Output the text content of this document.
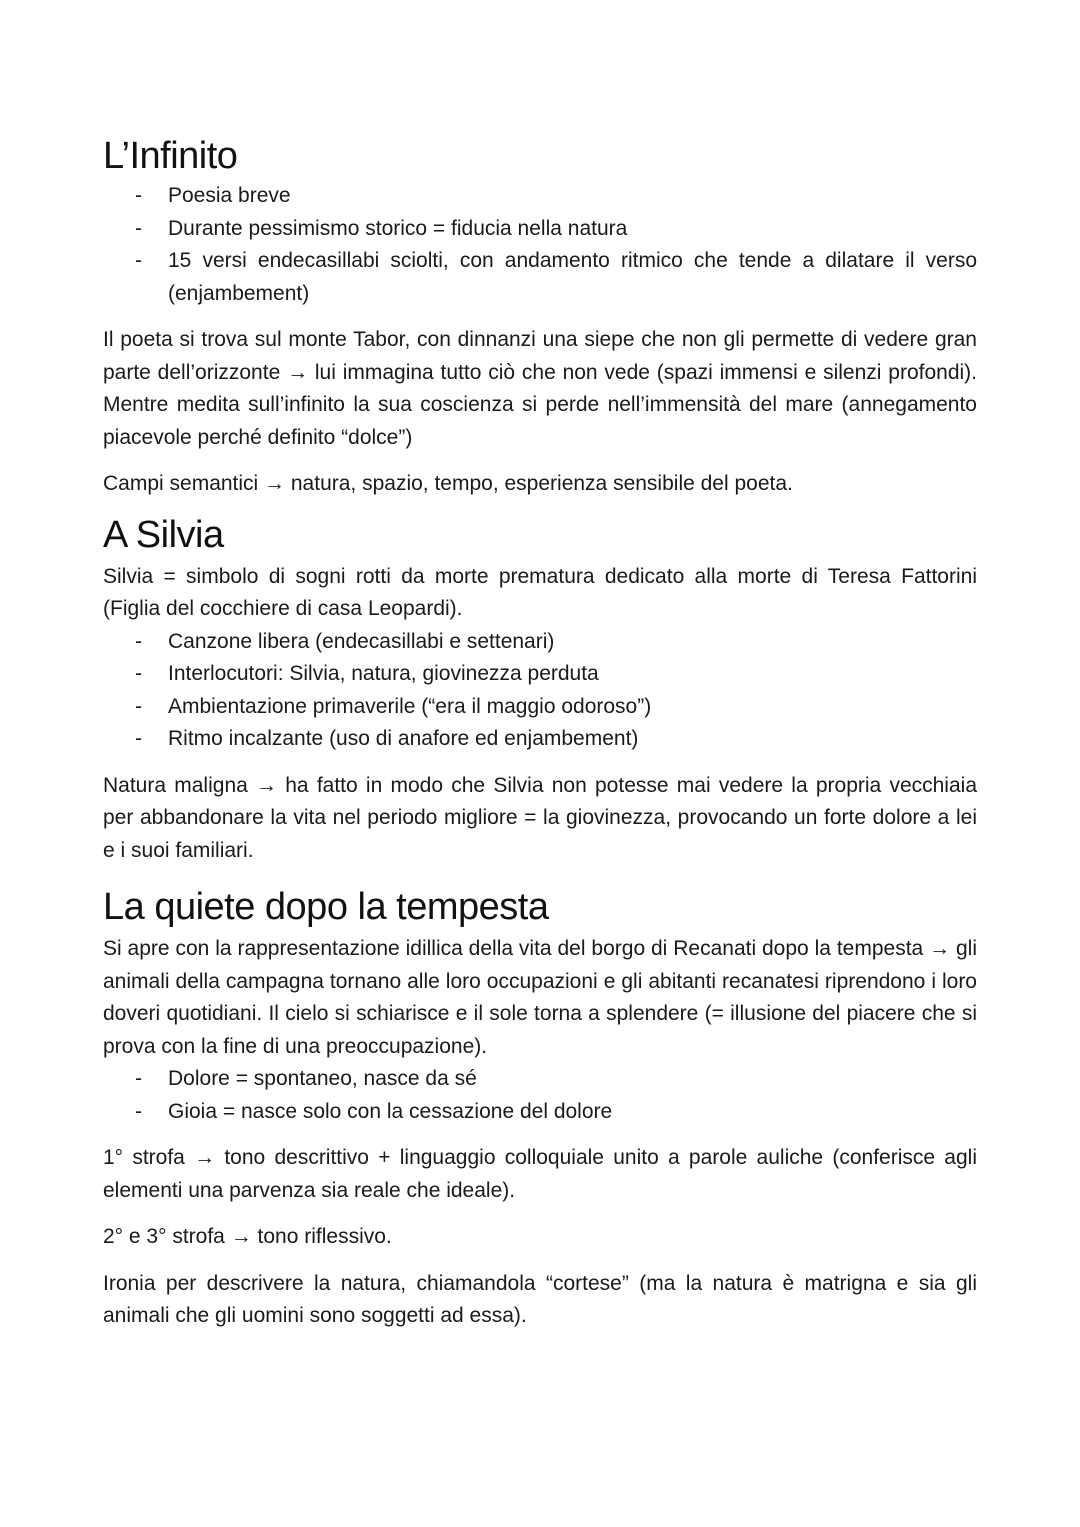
L’Infinito
- Poesia breve
- Durante pessimismo storico = fiducia nella natura
- 15 versi endecasillabi sciolti, con andamento ritmico che tende a dilatare il verso (enjambement)

Il poeta si trova sul monte Tabor, con dinnanzi una siepe che non gli permette di vedere gran parte dell’orizzonte → lui immagina tutto ciò che non vede (spazi immensi e silenzi profondi). Mentre medita sull’infinito la sua coscienza si perde nell’immensità del mare (annegamento piacevole perché definito “dolce”)

Campi semantici → natura, spazio, tempo, esperienza sensibile del poeta.

A Silvia

Silvia = simbolo di sogni rotti da morte prematura dedicato alla morte di Teresa Fattorini (Figlia del cocchiere di casa Leopardi).

- Canzone libera (endecasillabi e settenari)
- Interlocutori: Silvia, natura, giovinezza perduta
- Ambientazione primaverile (“era il maggio odoroso”)
- Ritmo incalzante (uso di anafore ed enjambement)

Natura maligna → ha fatto in modo che Silvia non potesse mai vedere la propria vecchiaia per abbandonare la vita nel periodo migliore = la giovinezza, provocando un forte dolore a lei e i suoi familiari.

La quiete dopo la tempesta

Si apre con la rappresentazione idillica della vita del borgo di Recanati dopo la tempesta → gli animali della campagna tornano alle loro occupazioni e gli abitanti recanatesi riprendono i loro doveri quotidiani. Il cielo si schiarisce e il sole torna a splendere (= illusione del piacere che si prova con la fine di una preoccupazione).

- Dolore = spontaneo, nasce da sé
- Gioia = nasce solo con la cessazione del dolore

1° strofa → tono descrittivo + linguaggio colloquiale unito a parole auliche (conferisce agli elementi una parvenza sia reale che ideale).

2° e 3° strofa → tono riflessivo.

Ironia per descrivere la natura, chiamandola “cortese” (ma la natura è matrigna e sia gli animali che gli uomini sono soggetti ad essa).
